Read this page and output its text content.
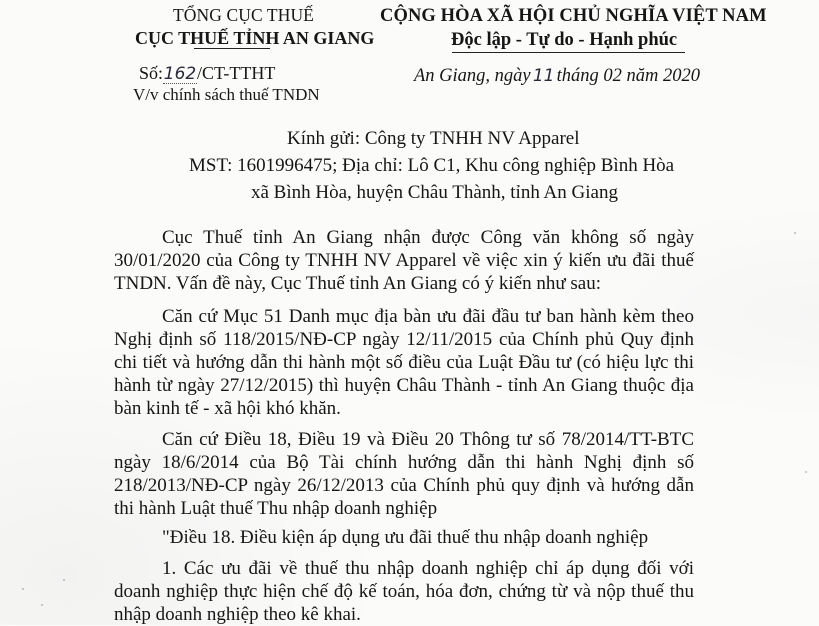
TỔNG CỤC THUẾ
CỤC THUẾ TỈNH AN GIANG
Số:162/CT-TTHT
V/v chính sách thuế TNDN
CỘNG HÒA XÃ HỘI CHỦ NGHĨA VIỆT NAM
Độc lập - Tự do - Hạnh phúc
An Giang, ngày 11 tháng 02 năm 2020
Kính gửi: Công ty TNHH NV Apparel
MST: 1601996475; Địa chỉ: Lô C1, Khu công nghiệp Bình Hòa
xã Bình Hòa, huyện Châu Thành, tỉnh An Giang

Cục Thuế tỉnh An Giang nhận được Công văn không số ngày 30/01/2020 của Công ty TNHH NV Apparel về việc xin ý kiến ưu đãi thuế TNDN. Vấn đề này, Cục Thuế tỉnh An Giang có ý kiến như sau:

Căn cứ Mục 51 Danh mục địa bàn ưu đãi đầu tư ban hành kèm theo Nghị định số 118/2015/NĐ-CP ngày 12/11/2015 của Chính phủ Quy định chi tiết và hướng dẫn thi hành một số điều của Luật Đầu tư (có hiệu lực thi hành từ ngày 27/12/2015) thì huyện Châu Thành - tỉnh An Giang thuộc địa bàn kinh tế - xã hội khó khăn.

Căn cứ Điều 18, Điều 19 và Điều 20 Thông tư số 78/2014/TT-BTC ngày 18/6/2014 của Bộ Tài chính hướng dẫn thi hành Nghị định số 218/2013/NĐ-CP ngày 26/12/2013 của Chính phủ quy định và hướng dẫn thi hành Luật thuế Thu nhập doanh nghiệp

"Điều 18. Điều kiện áp dụng ưu đãi thuế thu nhập doanh nghiệp

1. Các ưu đãi về thuế thu nhập doanh nghiệp chỉ áp dụng đối với doanh nghiệp thực hiện chế độ kế toán, hóa đơn, chứng từ và nộp thuế thu nhập doanh nghiệp theo kê khai.
